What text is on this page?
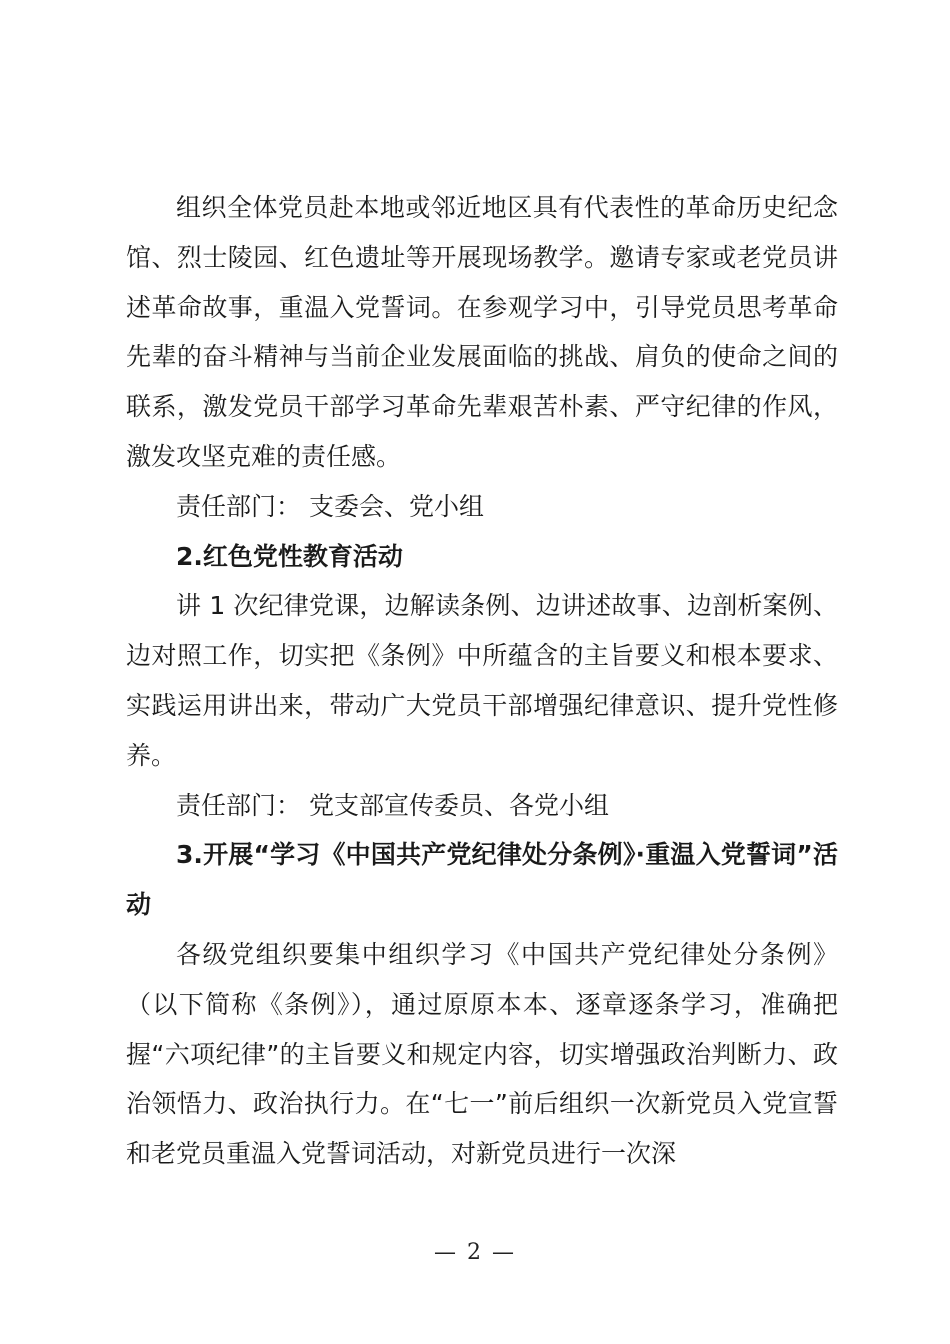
组织全体党员赴本地或邻近地区具有代表性的革命历史纪念馆、烈士陵园、红色遗址等开展现场教学。邀请专家或老党员讲述革命故事，重温入党誓词。在参观学习中，引导党员思考革命先辈的奋斗精神与当前企业发展面临的挑战、肩负的使命之间的联系，激发党员干部学习革命先辈艰苦朴素、严守纪律的作风，激发攻坚克难的责任感。

责任部门： 支委会、党小组

2.红色党性教育活动

讲 1 次纪律党课，边解读条例、边讲述故事、边剖析案例、边对照工作，切实把《条例》中所蕴含的主旨要义和根本要求、实践运用讲出来，带动广大党员干部增强纪律意识、提升党性修养。

责任部门： 党支部宣传委员、各党小组

3.开展“学习《中国共产党纪律处分条例》·重温入党誓词”活动

各级党组织要集中组织学习《中国共产党纪律处分条例》（以下简称《条例》），通过原原本本、逐章逐条学习，准确把握“六项纪律”的主旨要义和规定内容，切实增强政治判断力、政治领悟力、政治执行力。在“七一”前后组织一次新党员入党宣誓和老党员重温入党誓词活动，对新党员进行一次深

— 2 —
